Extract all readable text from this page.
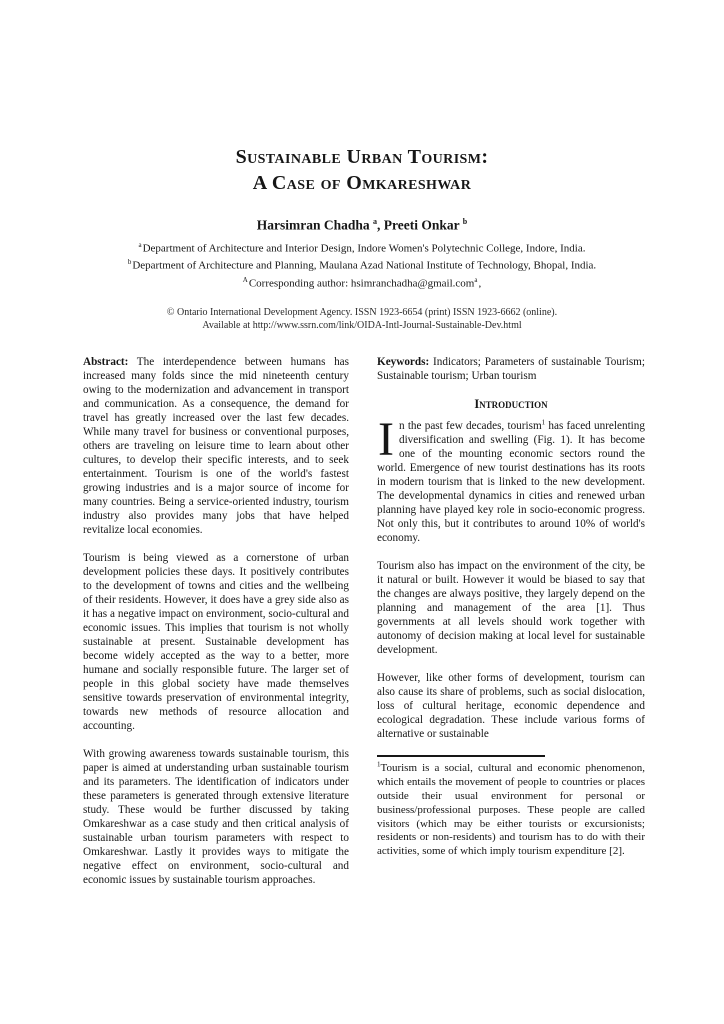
Sustainable Urban Tourism:
A Case of Omkareshwar
Harsimran Chadha $^a$, Preeti Onkar $^b$
$^a$Department of Architecture and Interior Design, Indore Women's Polytechnic College, Indore, India.
$^b$Department of Architecture and Planning, Maulana Azad National Institute of Technology, Bhopal, India.
$^A$Corresponding author: hsimranchadha@gmail.com$^a$,
© Ontario International Development Agency. ISSN 1923-6654 (print) ISSN 1923-6662 (online).
Available at http://www.ssrn.com/link/OIDA-Intl-Journal-Sustainable-Dev.html

Abstract: The interdependence between humans has increased many folds since the mid nineteenth century owing to the modernization and advancement in transport and communication. As a consequence, the demand for travel has greatly increased over the last few decades. While many travel for business or conventional purposes, others are traveling on leisure time to learn about other cultures, to develop their specific interests, and to seek entertainment. Tourism is one of the world's fastest growing industries and is a major source of income for many countries. Being a service-oriented industry, tourism industry also provides many jobs that have helped revitalize local economies.

Tourism is being viewed as a cornerstone of urban development policies these days. It positively contributes to the development of towns and cities and the wellbeing of their residents. However, it does have a grey side also as it has a negative impact on environment, socio-cultural and economic issues. This implies that tourism is not wholly sustainable at present. Sustainable development has become widely accepted as the way to a better, more humane and socially responsible future. The larger set of people in this global society have made themselves sensitive towards preservation of environmental integrity, towards new methods of resource allocation and accounting.

With growing awareness towards sustainable tourism, this paper is aimed at understanding urban sustainable tourism and its parameters. The identification of indicators under these parameters is generated through extensive literature study. These would be further discussed by taking Omkareshwar as a case study and then critical analysis of sustainable urban tourism parameters with respect to Omkareshwar. Lastly it provides ways to mitigate the negative effect on environment, socio-cultural and economic issues by sustainable tourism approaches.

Keywords: Indicators; Parameters of sustainable Tourism; Sustainable tourism; Urban tourism

Introduction

In the past few decades, tourism$^1$ has faced unrelenting diversification and swelling (Fig. 1). It has become one of the mounting economic sectors round the world. Emergence of new tourist destinations has its roots in modern tourism that is linked to the new development. The developmental dynamics in cities and renewed urban planning have played key role in socio-economic progress. Not only this, but it contributes to around 10% of world's economy.

Tourism also has impact on the environment of the city, be it natural or built. However it would be biased to say that the changes are always positive, they largely depend on the planning and management of the area [1]. Thus governments at all levels should work together with autonomy of decision making at local level for sustainable development.

However, like other forms of development, tourism can also cause its share of problems, such as social dislocation, loss of cultural heritage, economic dependence and ecological degradation. These include various forms of alternative or sustainable

$^1$Tourism is a social, cultural and economic phenomenon, which entails the movement of people to countries or places outside their usual environment for personal or business/professional purposes. These people are called visitors (which may be either tourists or excursionists; residents or non-residents) and tourism has to do with their activities, some of which imply tourism expenditure [2].
